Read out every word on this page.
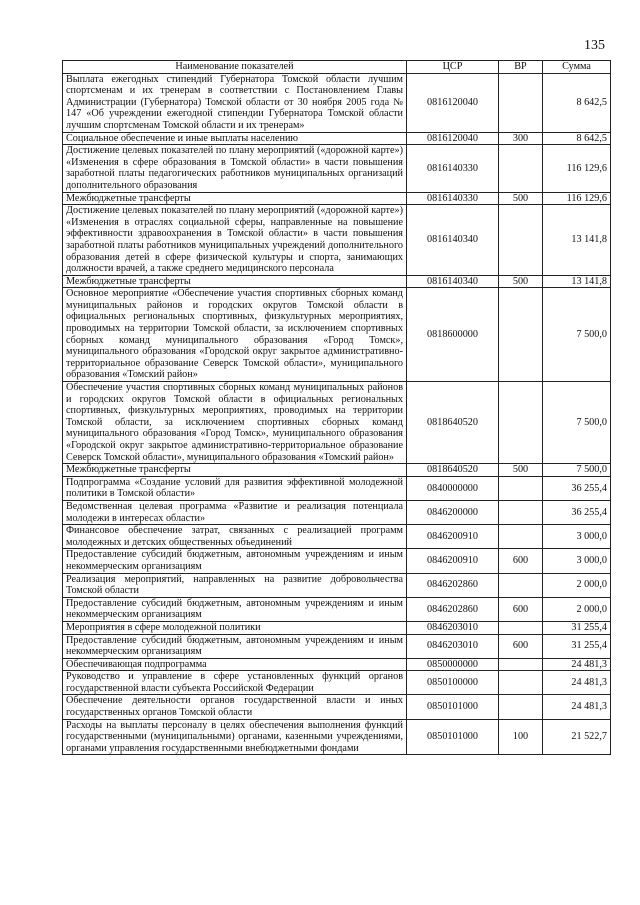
135
Наименование показателей	ЦСР	ВР	Сумма
Выплата ежегодных стипендий Губернатора Томской области лучшим спортсменам и их тренерам в соответствии с Постановлением Главы Администрации (Губернатора) Томской области от 30 ноября 2005 года № 147 «Об учреждении ежегодной стипендии Губернатора Томской области лучшим спортсменам Томской области и их тренерам»	0816120040		8 642,5
Социальное обеспечение и иные выплаты населению	0816120040	300	8 642,5
Достижение целевых показателей по плану мероприятий («дорожной карте») «Изменения в сфере образования в Томской области» в части повышения заработной платы педагогических работников муниципальных организаций дополнительного образования	0816140330		116 129,6
Межбюджетные трансферты	0816140330	500	116 129,6
Достижение целевых показателей по плану мероприятий («дорожной карте») «Изменения в отраслях социальной сферы, направленные на повышение эффективности здравоохранения в Томской области» в части повышения заработной платы работников муниципальных учреждений дополнительного образования детей в сфере физической культуры и спорта, занимающих должности врачей, а также среднего медицинского персонала	0816140340		13 141,8
Межбюджетные трансферты	0816140340	500	13 141,8
Основное мероприятие «Обеспечение участия спортивных сборных команд муниципальных районов и городских округов Томской области в официальных региональных спортивных, физкультурных мероприятиях, проводимых на территории Томской области, за исключением спортивных сборных команд муниципального образования «Город Томск», муниципального образования «Городской округ закрытое административно-территориальное образование Северск Томской области», муниципального образования «Томский район»	0818600000		7 500,0
Обеспечение участия спортивных сборных команд муниципальных районов и городских округов Томской области в официальных региональных спортивных, физкультурных мероприятиях, проводимых на территории Томской области, за исключением спортивных сборных команд муниципального образования «Город Томск», муниципального образования «Городской округ закрытое административно-территориальное образование Северск Томской области», муниципального образования «Томский район»	0818640520		7 500,0
Межбюджетные трансферты	0818640520	500	7 500,0
Подпрограмма «Создание условий для развития эффективной молодежной политики в Томской области»	0840000000		36 255,4
Ведомственная целевая программа «Развитие и реализация потенциала молодежи в интересах области»	0846200000		36 255,4
Финансовое обеспечение затрат, связанных с реализацией программ молодежных и детских общественных объединений	0846200910		3 000,0
Предоставление субсидий бюджетным, автономным учреждениям и иным некоммерческим организациям	0846200910	600	3 000,0
Реализация мероприятий, направленных на развитие добровольчества Томской области	0846202860		2 000,0
Предоставление субсидий бюджетным, автономным учреждениям и иным некоммерческим организациям	0846202860	600	2 000,0
Мероприятия в сфере молодежной политики	0846203010		31 255,4
Предоставление субсидий бюджетным, автономным учреждениям и иным некоммерческим организациям	0846203010	600	31 255,4
Обеспечивающая подпрограмма	0850000000		24 481,3
Руководство и управление в сфере установленных функций органов государственной власти субъекта Российской Федерации	0850100000		24 481,3
Обеспечение деятельности органов государственной власти и иных государственных органов Томской области	0850101000		24 481,3
Расходы на выплаты персоналу в целях обеспечения выполнения функций государственными (муниципальными) органами, казенными учреждениями, органами управления государственными внебюджетными фондами	0850101000	100	21 522,7
